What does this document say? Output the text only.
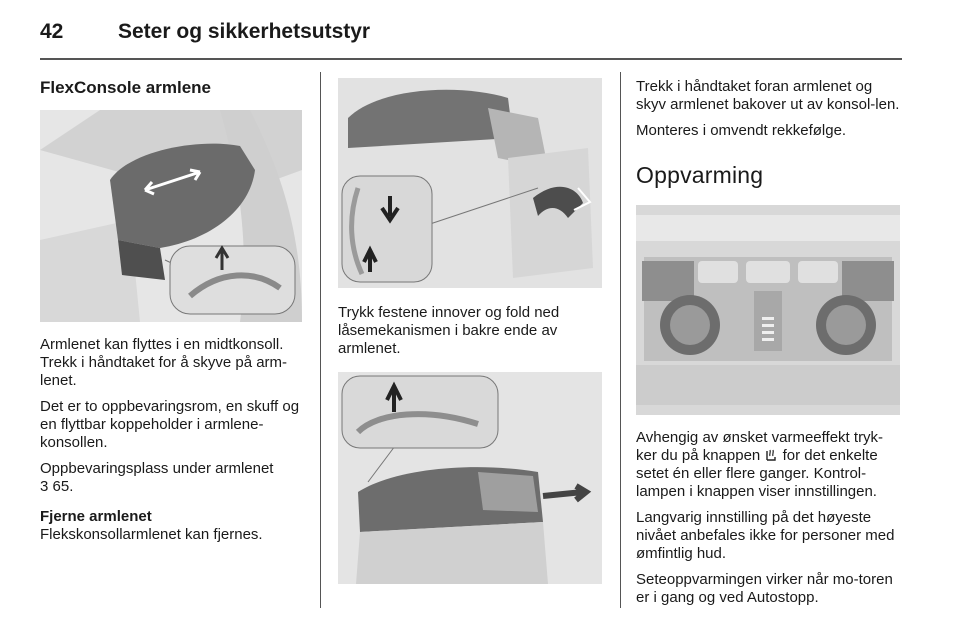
42	Seter og sikkerhetsutstyr
FlexConsole armlene

Armlenet kan flyttes i en midtkonsoll. Trekk i håndtaket for å skyve på arm-lenet.

Det er to oppbevaringsrom, en skuff og en flyttbar koppeholder i armlene-konsollen.

Oppbevaringsplass under armlenet
3 65.

Fjerne armlenet

Flekskonsollarmlenet kan fjernes.

Trykk festene innover og fold ned låsemekanismen i bakre ende av armlenet.

Trekk i håndtaket foran armlenet og skyv armlenet bakover ut av konsol-len.

Monteres i omvendt rekkefølge.

Oppvarming

Avhengig av ønsket varmeeffekt tryk-ker du på knappen for det enkelte setet én eller flere ganger. Kontrol-lampen i knappen viser innstillingen.

Langvarig innstilling på det høyeste nivået anbefales ikke for personer med ømfintlig hud.

Seteoppvarmingen virker når mo-toren er i gang og ved Autostopp.
